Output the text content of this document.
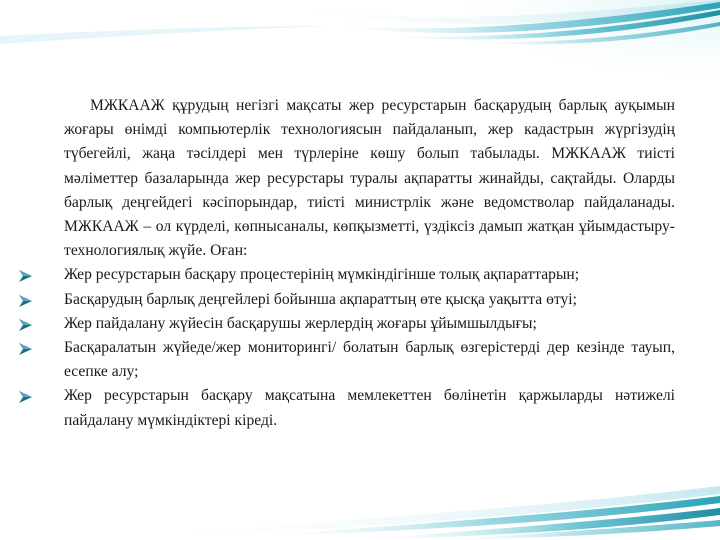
МЖКААЖ құрудың негізгі мақсаты жер ресурстарын басқарудың барлық ауқымын жоғары өнімді компьютерлік технологиясын пайдаланып, жер кадастрын жүргізудің түбегейлі, жаңа тәсілдері мен түрлеріне көшу болып табылады. МЖКААЖ тиісті мәліметтер базаларында жер ресурстары туралы ақпаратты жинайды, сақтайды. Оларды барлық деңгейдегі кәсіпорындар, тиісті министрлік және ведомстволар пайдаланады. МЖКААЖ – ол күрделі, көпнысаналы, көпқызметті, үздіксіз дамып жатқан ұйымдастыру-технологиялық жүйе. Оған:

Жер ресурстарын басқару процестерінің мүмкіндігінше толық ақпараттарын;
Басқарудың барлық деңгейлері бойынша ақпараттың өте қысқа уақытта өтуі;
Жер пайдалану жүйесін басқарушы жерлердің жоғары ұйымшылдығы;
Басқаралатын жүйеде/жер мониторингі/ болатын барлық өзгерістерді дер кезінде тауып, есепке алу;
Жер ресурстарын басқару мақсатына мемлекеттен бөлінетін қаржыларды нәтижелі пайдалану мүмкіндіктері кіреді.
